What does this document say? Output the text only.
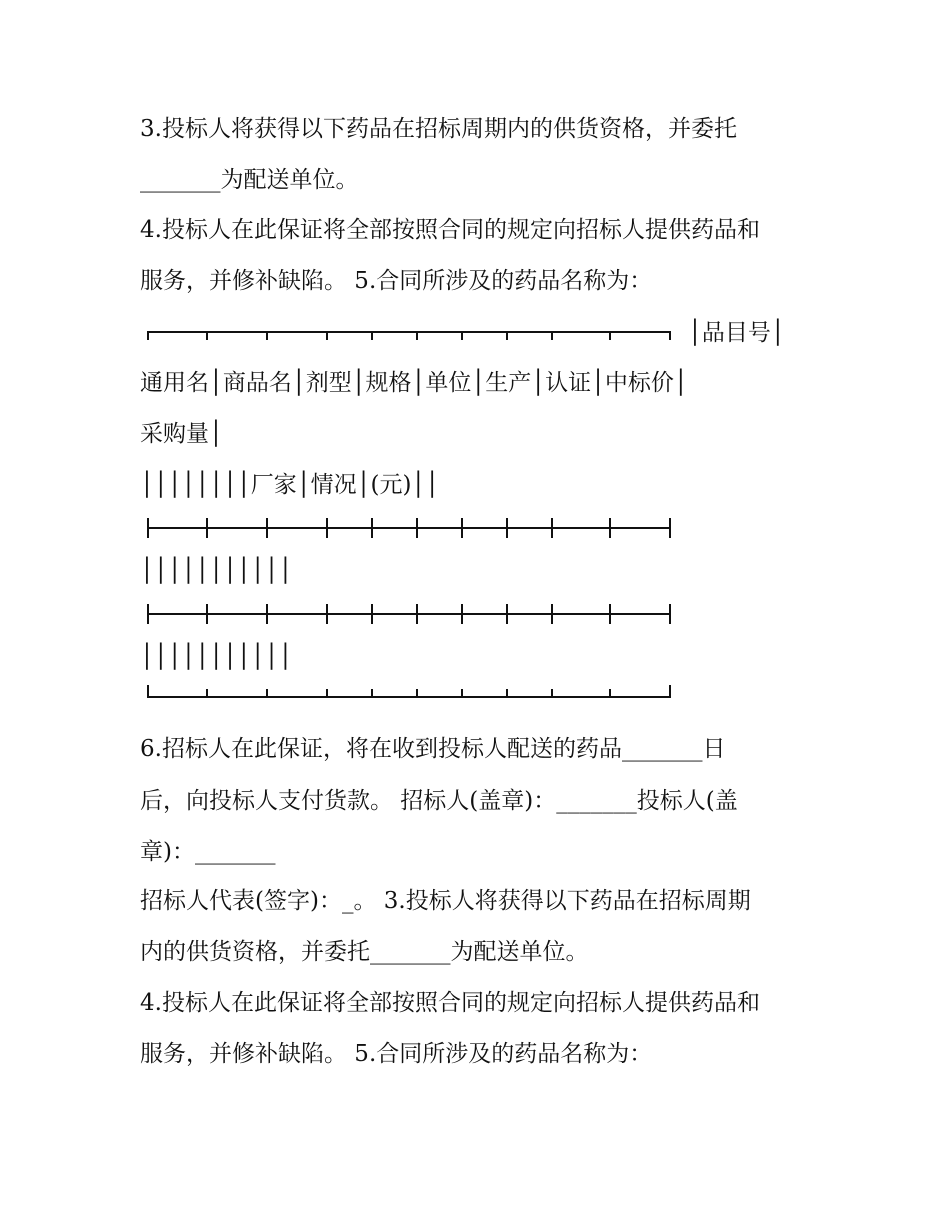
3.投标人将获得以下药品在招标周期内的供货资格，并委托
_______为配送单位。
4.投标人在此保证将全部按照合同的规定向招标人提供药品和
服务，并修补缺陷。 5.合同所涉及的药品名称为：
│品目号│
通用名│商品名│剂型│规格│单位│生产│认证│中标价│
采购量│
││││││││厂家│情况│(元)││
│││││││││││
│││││││││││
6.招标人在此保证，将在收到投标人配送的药品_______日
后，向投标人支付货款。 招标人(盖章)：_______投标人(盖
章)：_______
招标人代表(签字)：_。 3.投标人将获得以下药品在招标周期
内的供货资格，并委托_______为配送单位。
4.投标人在此保证将全部按照合同的规定向招标人提供药品和
服务，并修补缺陷。 5.合同所涉及的药品名称为：
